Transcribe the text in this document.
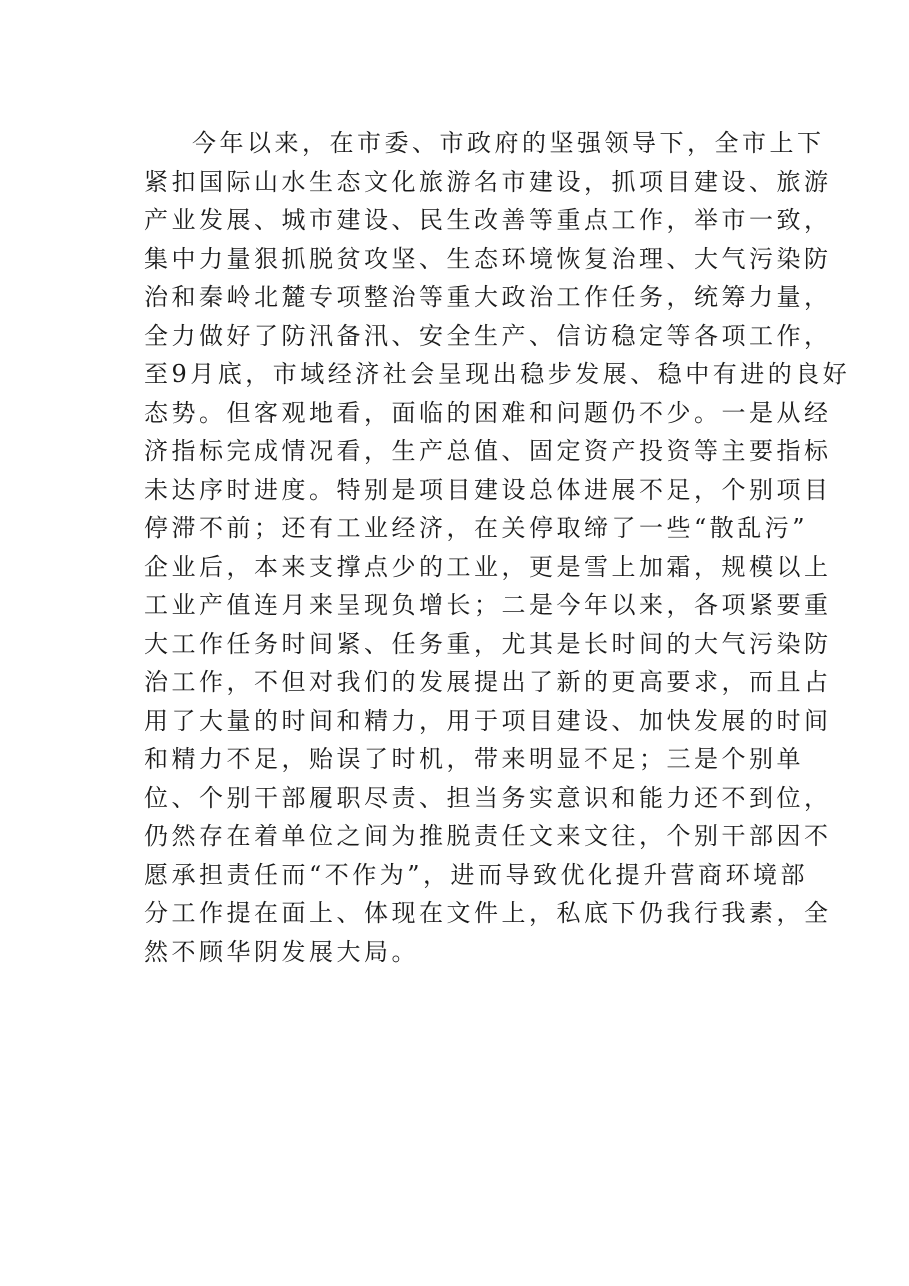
今年以来，在市委、市政府的坚强领导下，全市上下
紧扣国际山水生态文化旅游名市建设，抓项目建设、旅游
产业发展、城市建设、民生改善等重点工作，举市一致，
集中力量狠抓脱贫攻坚、生态环境恢复治理、大气污染防
治和秦岭北麓专项整治等重大政治工作任务，统筹力量，
全力做好了防汛备汛、安全生产、信访稳定等各项工作，
至9月底，市域经济社会呈现出稳步发展、稳中有进的良好
态势。但客观地看，面临的困难和问题仍不少。一是从经
济指标完成情况看，生产总值、固定资产投资等主要指标
未达序时进度。特别是项目建设总体进展不足，个别项目
停滞不前；还有工业经济，在关停取缔了一些“散乱污”
企业后，本来支撑点少的工业，更是雪上加霜，规模以上
工业产值连月来呈现负增长；二是今年以来，各项紧要重
大工作任务时间紧、任务重，尤其是长时间的大气污染防
治工作，不但对我们的发展提出了新的更高要求，而且占
用了大量的时间和精力，用于项目建设、加快发展的时间
和精力不足，贻误了时机，带来明显不足；三是个别单
位、个别干部履职尽责、担当务实意识和能力还不到位，
仍然存在着单位之间为推脱责任文来文往，个别干部因不
愿承担责任而“不作为”，进而导致优化提升营商环境部
分工作提在面上、体现在文件上，私底下仍我行我素，全
然不顾华阴发展大局。
